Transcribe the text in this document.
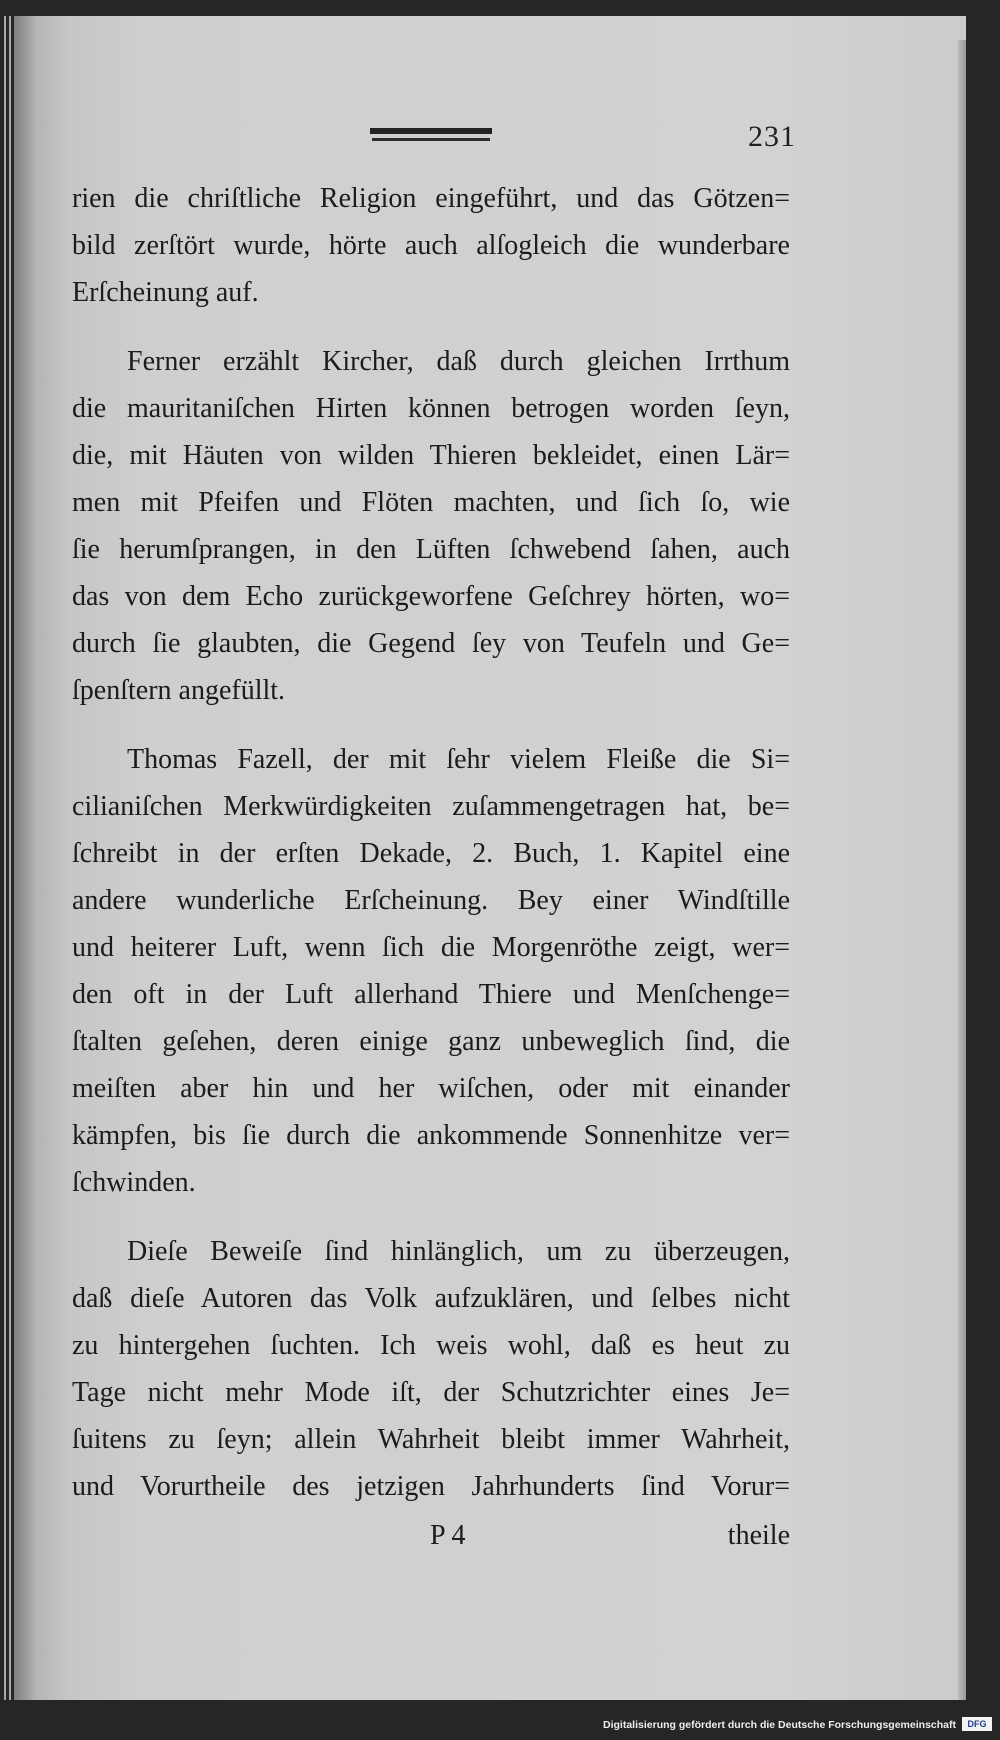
231
rien die chriſtliche Religion eingeführt, und das Götzen=
bild zerſtört wurde, hörte auch alſogleich die wunderbare
Erſcheinung auf.
Ferner erzählt Kircher, daß durch gleichen Irrthum
die mauritaniſchen Hirten können betrogen worden ſeyn,
die, mit Häuten von wilden Thieren bekleidet, einen Lär=
men mit Pfeifen und Flöten machten, und ſich ſo, wie
ſie herumſprangen, in den Lüften ſchwebend ſahen, auch
das von dem Echo zurückgeworfene Geſchrey hörten, wo=
durch ſie glaubten, die Gegend ſey von Teufeln und Ge=
ſpenſtern angefüllt.
Thomas Fazell, der mit ſehr vielem Fleiße die Si=
cilianiſchen Merkwürdigkeiten zuſammengetragen hat, be=
ſchreibt in der erſten Dekade, 2. Buch, 1. Kapitel eine
andere wunderliche Erſcheinung. Bey einer Windſtille
und heiterer Luft, wenn ſich die Morgenröthe zeigt, wer=
den oft in der Luft allerhand Thiere und Menſchenge=
ſtalten geſehen, deren einige ganz unbeweglich ſind, die
meiſten aber hin und her wiſchen, oder mit einander
kämpfen, bis ſie durch die ankommende Sonnenhitze ver=
ſchwinden.
Dieſe Beweiſe ſind hinlänglich, um zu überzeugen,
daß dieſe Autoren das Volk aufzuklären, und ſelbes nicht
zu hintergehen ſuchten. Ich weis wohl, daß es heut zu
Tage nicht mehr Mode iſt, der Schutzrichter eines Je=
ſuitens zu ſeyn; allein Wahrheit bleibt immer Wahrheit,
und Vorurtheile des jetzigen Jahrhunderts ſind Vorur=
P 4	theile
Digitalisierung gefördert durch die Deutsche Forschungsgemeinschaft	DFG
